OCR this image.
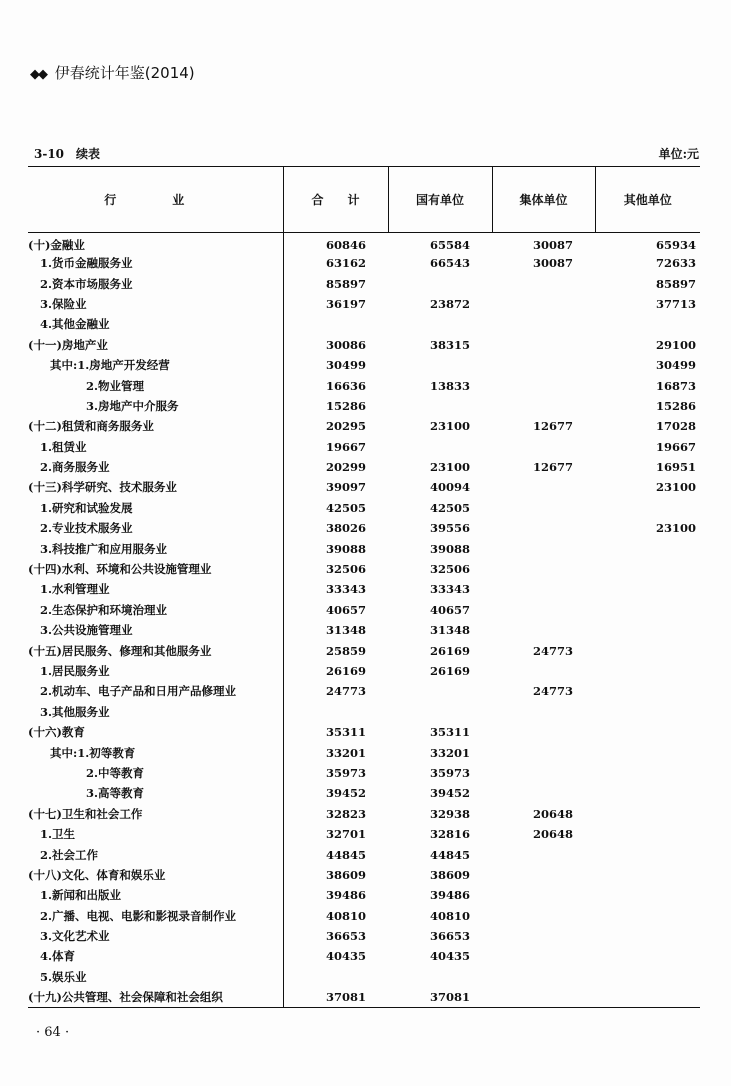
◆◆ 伊春统计年鉴(2014)
3-10　续表	单位:元
行　业	合　　计	国有单位	集体单位	其他单位
(十)金融业	60846	65584	30087	65934
1.货币金融服务业	63162	66543	30087	72633
2.资本市场服务业	85897			85897
3.保险业	36197	23872		37713
4.其他金融业				
(十一)房地产业	30086	38315		29100
其中:1.房地产开发经营	30499			30499
2.物业管理	16636	13833		16873
3.房地产中介服务	15286			15286
(十二)租赁和商务服务业	20295	23100	12677	17028
1.租赁业	19667			19667
2.商务服务业	20299	23100	12677	16951
(十三)科学研究、技术服务业	39097	40094		23100
1.研究和试验发展	42505	42505		
2.专业技术服务业	38026	39556		23100
3.科技推广和应用服务业	39088	39088		
(十四)水利、环境和公共设施管理业	32506	32506		
1.水利管理业	33343	33343		
2.生态保护和环境治理业	40657	40657		
3.公共设施管理业	31348	31348		
(十五)居民服务、修理和其他服务业	25859	26169	24773	
1.居民服务业	26169	26169		
2.机动车、电子产品和日用产品修理业	24773		24773	
3.其他服务业				
(十六)教育	35311	35311		
其中:1.初等教育	33201	33201		
2.中等教育	35973	35973		
3.高等教育	39452	39452		
(十七)卫生和社会工作	32823	32938	20648	
1.卫生	32701	32816	20648	
2.社会工作	44845	44845		
(十八)文化、体育和娱乐业	38609	38609		
1.新闻和出版业	39486	39486		
2.广播、电视、电影和影视录音制作业	40810	40810		
3.文化艺术业	36653	36653		
4.体育	40435	40435		
5.娱乐业				
(十九)公共管理、社会保障和社会组织	37081	37081		
· 64 ·
